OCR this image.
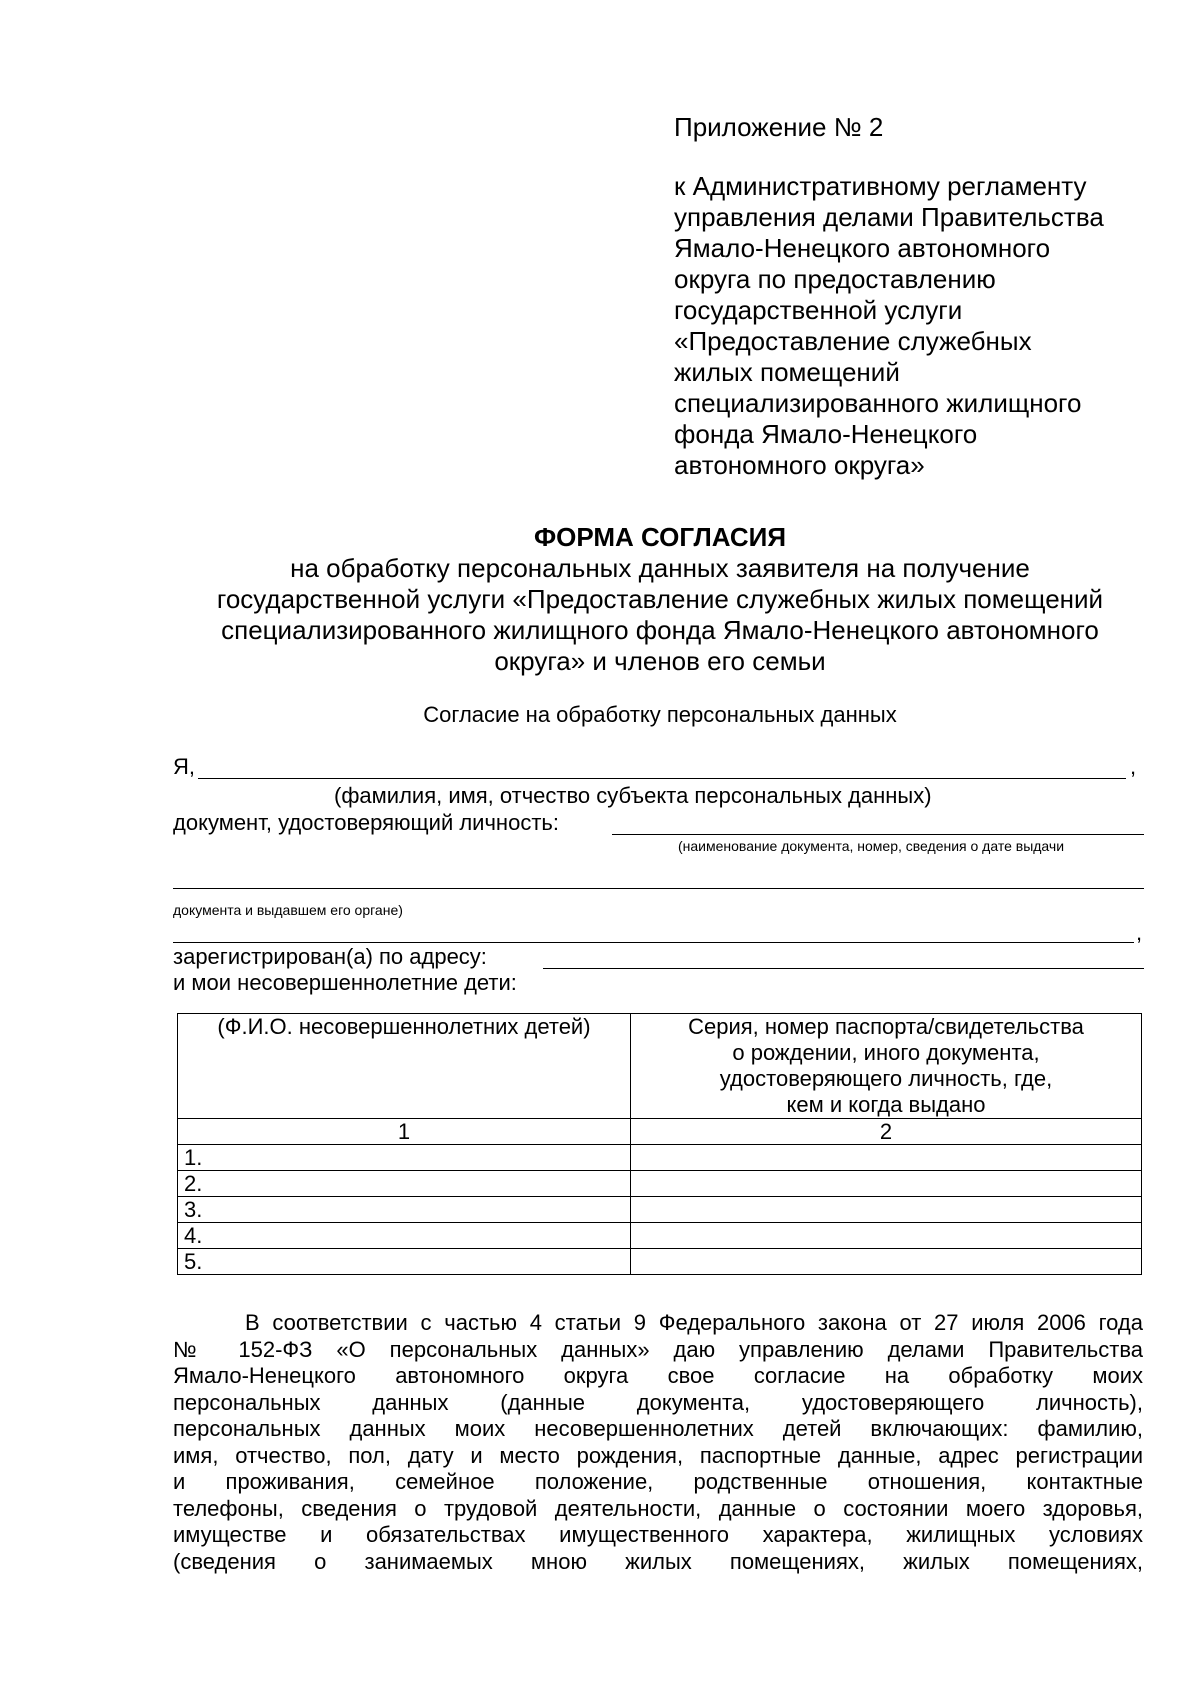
Приложение № 2

к Административному регламенту

управления делами Правительства

Ямало-Ненецкого автономного

округа по предоставлению

государственной услуги

«Предоставление служебных

жилых помещений

специализированного жилищного

фонда Ямало-Ненецкого

автономного округа»

ФОРМА СОГЛАСИЯ

на обработку персональных данных заявителя на получение

государственной услуги «Предоставление служебных жилых помещений

специализированного жилищного фонда Ямало-Ненецкого автономного

округа» и членов его семьи

Согласие на обработку персональных данных

Я,	,
(фамилия, имя, отчество субъекта персональных данных)
документ, удостоверяющий личность:
(наименование документа, номер, сведения о дате выдачи
документа и выдавшем его органе)
,
зарегистрирован(а) по адресу:
и мои несовершеннолетние дети:
(Ф.И.О. несовершеннолетних детей)	Серия, номер паспорта/свидетельства
о рождении, иного документа,
удостоверяющего личность, где,
кем и когда выдано

1	2
1.	
2.	
3.	
4.	
5.	

В соответствии с частью 4 статьи 9 Федерального закона от 27 июля 2006 года

№ 152-ФЗ «О персональных данных» даю управлению делами Правительства

Ямало-Ненецкого автономного округа свое согласие на обработку моих

персональных данных (данные документа, удостоверяющего личность),

персональных данных моих несовершеннолетних детей включающих: фамилию,

имя, отчество, пол, дату и место рождения, паспортные данные, адрес регистрации

и проживания, семейное положение, родственные отношения, контактные

телефоны, сведения о трудовой деятельности, данные о состоянии моего здоровья,

имуществе и обязательствах имущественного характера, жилищных условиях

(сведения о занимаемых мною жилых помещениях, жилых помещениях,
